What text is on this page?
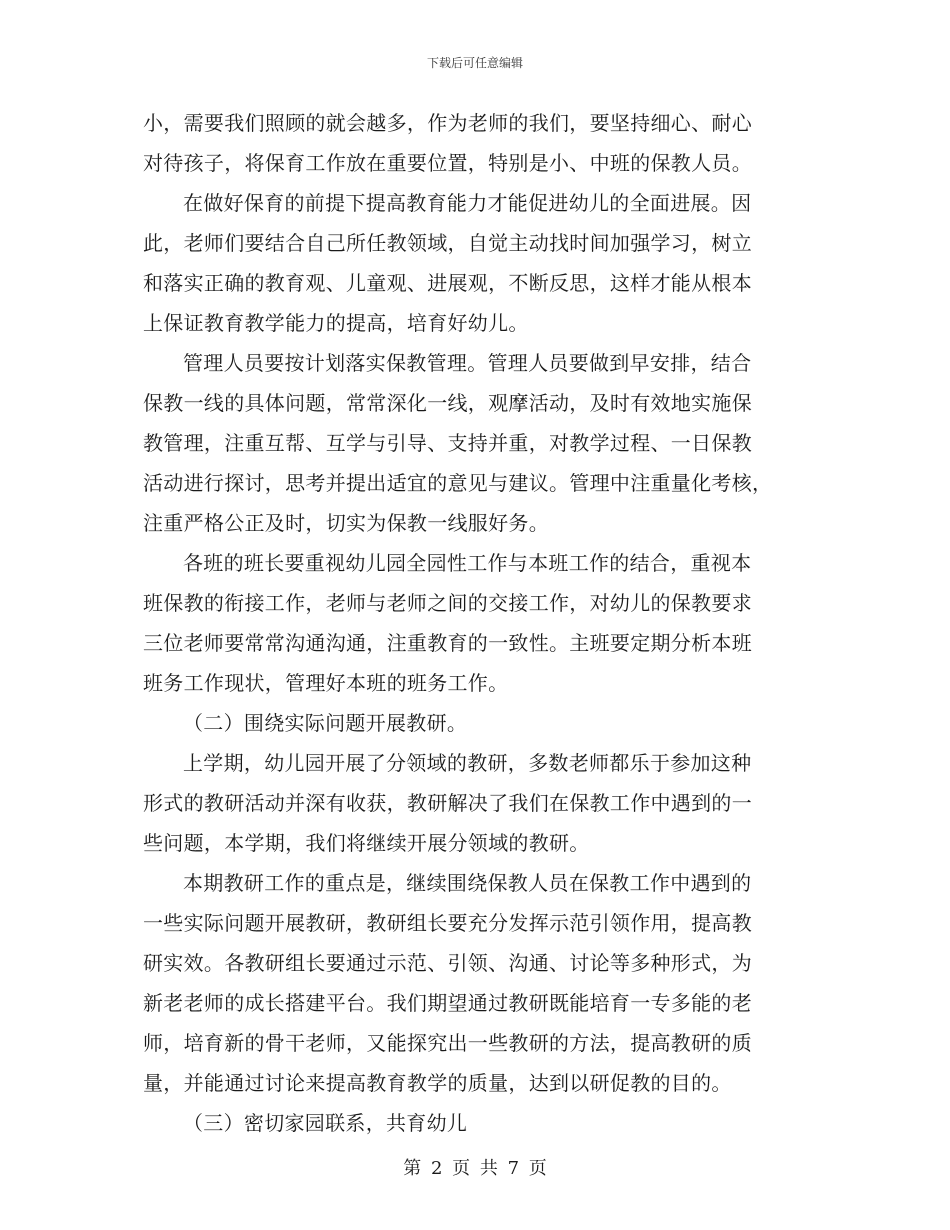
下载后可任意编辑

小，需要我们照顾的就会越多，作为老师的我们，要坚持细心、耐心
对待孩子，将保育工作放在重要位置，特别是小、中班的保教人员。

在做好保育的前提下提高教育能力才能促进幼儿的全面进展。因
此，老师们要结合自己所任教领域，自觉主动找时间加强学习，树立
和落实正确的教育观、儿童观、进展观，不断反思，这样才能从根本
上保证教育教学能力的提高，培育好幼儿。

管理人员要按计划落实保教管理。管理人员要做到早安排，结合
保教一线的具体问题，常常深化一线，观摩活动，及时有效地实施保
教管理，注重互帮、互学与引导、支持并重，对教学过程、一日保教
活动进行探讨，思考并提出适宜的意见与建议。管理中注重量化考核，
注重严格公正及时，切实为保教一线服好务。

各班的班长要重视幼儿园全园性工作与本班工作的结合，重视本
班保教的衔接工作，老师与老师之间的交接工作，对幼儿的保教要求
三位老师要常常沟通沟通，注重教育的一致性。主班要定期分析本班
班务工作现状，管理好本班的班务工作。

（二）围绕实际问题开展教研。

上学期，幼儿园开展了分领域的教研，多数老师都乐于参加这种
形式的教研活动并深有收获，教研解决了我们在保教工作中遇到的一
些问题，本学期，我们将继续开展分领域的教研。

本期教研工作的重点是，继续围绕保教人员在保教工作中遇到的
一些实际问题开展教研，教研组长要充分发挥示范引领作用，提高教
研实效。各教研组长要通过示范、引领、沟通、讨论等多种形式，为
新老老师的成长搭建平台。我们期望通过教研既能培育一专多能的老
师，培育新的骨干老师，又能探究出一些教研的方法，提高教研的质
量，并能通过讨论来提高教育教学的质量，达到以研促教的目的。

（三）密切家园联系，共育幼儿

第 2 页 共 7 页
